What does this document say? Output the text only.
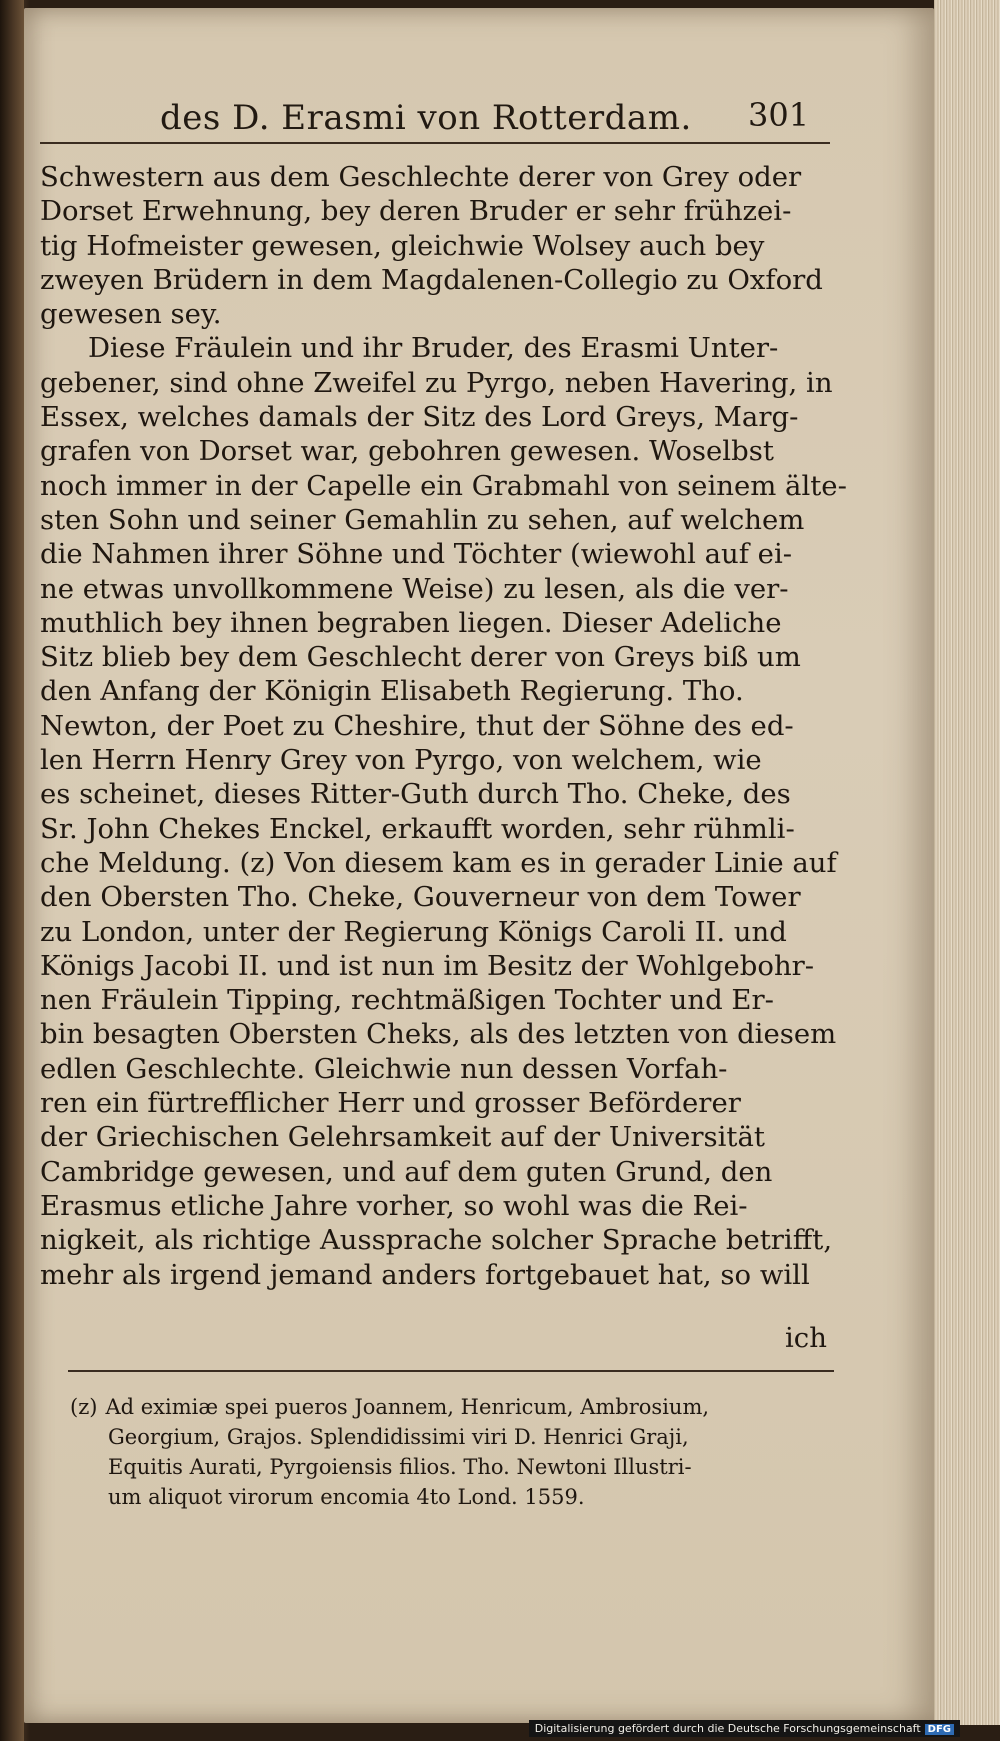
des D. Erasmi von Rotterdam.	301
Schwestern aus dem Geschlechte derer von Grey oder
Dorset Erwehnung, bey deren Bruder er sehr frühzei-
tig Hofmeister gewesen, gleichwie Wolsey auch bey
zweyen Brüdern in dem Magdalenen-Collegio zu Oxford
gewesen sey.
Diese Fräulein und ihr Bruder, des Erasmi Unter-
gebener, sind ohne Zweifel zu Pyrgo, neben Havering, in
Essex, welches damals der Sitz des Lord Greys, Marg-
grafen von Dorset war, gebohren gewesen. Woselbst
noch immer in der Capelle ein Grabmahl von seinem älte-
sten Sohn und seiner Gemahlin zu sehen, auf welchem
die Nahmen ihrer Söhne und Töchter (wiewohl auf ei-
ne etwas unvollkommene Weise) zu lesen, als die ver-
muthlich bey ihnen begraben liegen. Dieser Adeliche
Sitz blieb bey dem Geschlecht derer von Greys biß um
den Anfang der Königin Elisabeth Regierung. Tho.
Newton, der Poet zu Cheshire, thut der Söhne des ed-
len Herrn Henry Grey von Pyrgo, von welchem, wie
es scheinet, dieses Ritter-Guth durch Tho. Cheke, des
Sr. John Chekes Enckel, erkaufft worden, sehr rühmli-
che Meldung. (z) Von diesem kam es in gerader Linie auf
den Obersten Tho. Cheke, Gouverneur von dem Tower
zu London, unter der Regierung Königs Caroli II. und
Königs Jacobi II. und ist nun im Besitz der Wohlgebohr-
nen Fräulein Tipping, rechtmäßigen Tochter und Er-
bin besagten Obersten Cheks, als des letzten von diesem
edlen Geschlechte. Gleichwie nun dessen Vorfah-
ren ein fürtrefflicher Herr und grosser Beförderer
der Griechischen Gelehrsamkeit auf der Universität
Cambridge gewesen, und auf dem guten Grund, den
Erasmus etliche Jahre vorher, so wohl was die Rei-
nigkeit, als richtige Aussprache solcher Sprache betrifft,
mehr als irgend jemand anders fortgebauet hat, so will
ich
(z) Ad eximiæ spei pueros Joannem, Henricum, Ambrosium,
Georgium, Grajos. Splendidissimi viri D. Henrici Graji,
Equitis Aurati, Pyrgoiensis filios. Tho. Newtoni Illustri-
um aliquot virorum encomia 4to Lond. 1559.
Digitalisierung gefördert durch die Deutsche Forschungsgemeinschaft DFG
